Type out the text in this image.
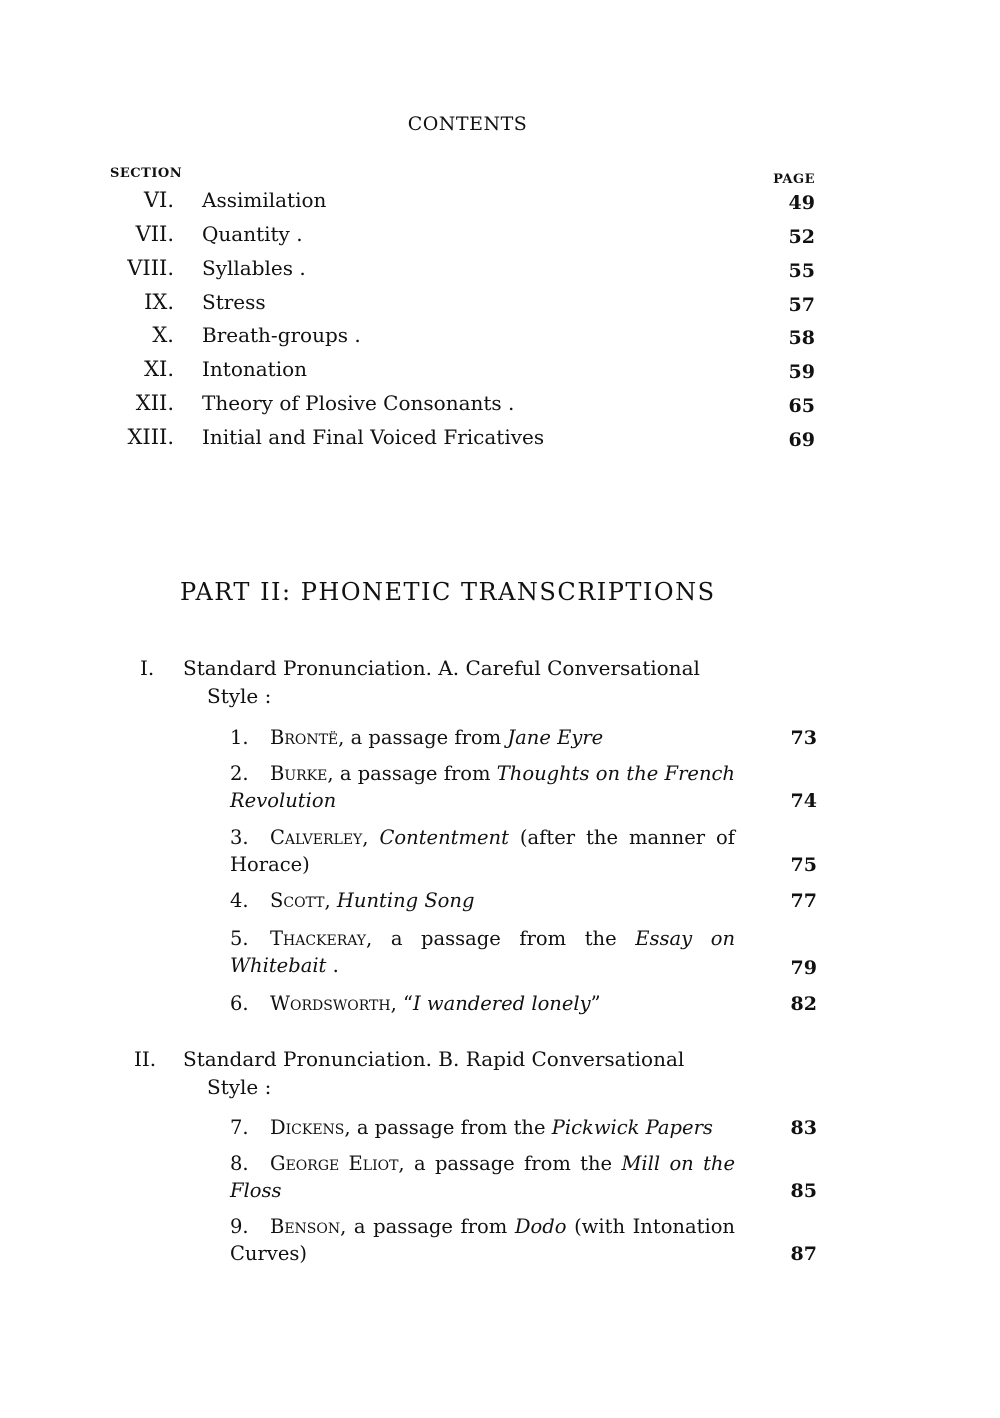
CONTENTS
SECTION	PAGE
VI. Assimilation	49
VII. Quantity .	52
VIII. Syllables .	55
IX. Stress	57
X. Breath-groups .	58
XI. Intonation	59
XII. Theory of Plosive Consonants .	65
XIII. Initial and Final Voiced Fricatives	69
PART II: PHONETIC TRANSCRIPTIONS
I. Standard Pronunciation. A. Careful Conversational
Style :
1. Brontë, a passage from Jane Eyre	73
2. Burke, a passage from Thoughts on the French Revolution	74
3. Calverley, Contentment (after the manner of Horace)	75
4. Scott, Hunting Song	77
5. Thackeray, a passage from the Essay on Whitebait .	79
6. Wordsworth, “I wandered lonely”	82
II. Standard Pronunciation. B. Rapid Conversational
Style :
7. Dickens, a passage from the Pickwick Papers	83
8. George Eliot, a passage from the Mill on the Floss	85
9. Benson, a passage from Dodo (with Intonation Curves)	87
